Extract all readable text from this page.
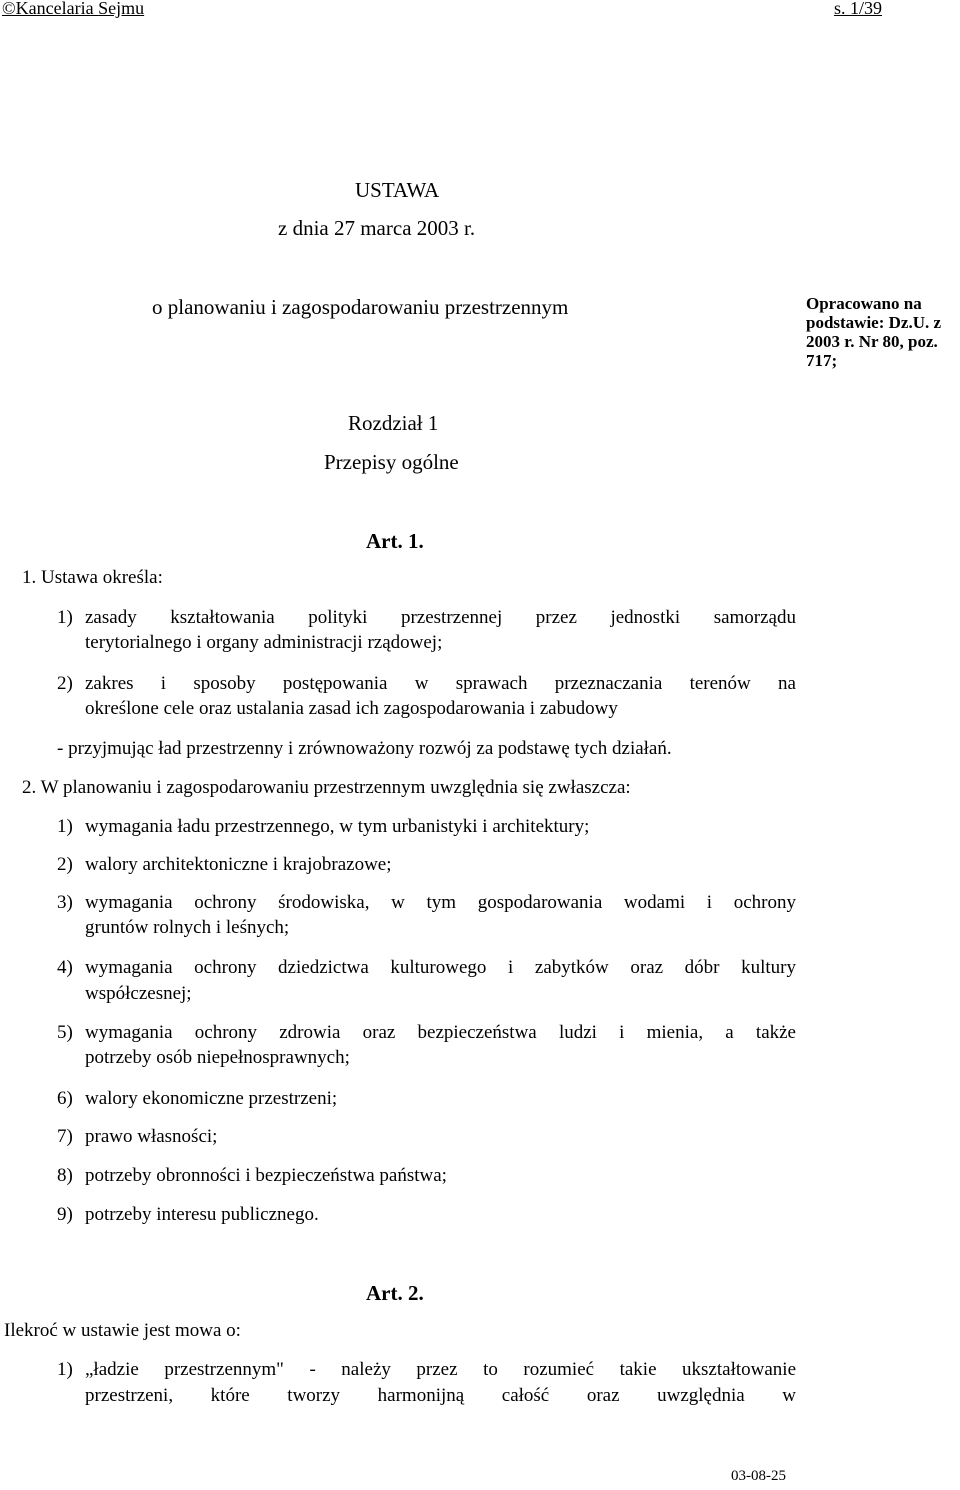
©Kancelaria Sejmu	s. 1/39
USTAWA
z dnia 27 marca 2003 r.
o planowaniu i zagospodarowaniu przestrzennym	Opracowano na
podstawie: Dz.U. z
2003 r. Nr 80, poz.
717;
Rozdział 1
Przepisy ogólne
Art. 1.
1. Ustawa określa:
1) zasady kształtowania polityki przestrzennej przez jednostki samorządu
terytorialnego i organy administracji rządowej;
2) zakres i sposoby postępowania w sprawach przeznaczania terenów na
określone cele oraz ustalania zasad ich zagospodarowania i zabudowy
- przyjmując ład przestrzenny i zrównoważony rozwój za podstawę tych działań.
2. W planowaniu i zagospodarowaniu przestrzennym uwzględnia się zwłaszcza:
1) wymagania ładu przestrzennego, w tym urbanistyki i architektury;
2) walory architektoniczne i krajobrazowe;
3) wymagania ochrony środowiska, w tym gospodarowania wodami i ochrony
gruntów rolnych i leśnych;
4) wymagania ochrony dziedzictwa kulturowego i zabytków oraz dóbr kultury
współczesnej;
5) wymagania ochrony zdrowia oraz bezpieczeństwa ludzi i mienia, a także
potrzeby osób niepełnosprawnych;
6) walory ekonomiczne przestrzeni;
7) prawo własności;
8) potrzeby obronności i bezpieczeństwa państwa;
9) potrzeby interesu publicznego.
Art. 2.
Ilekroć w ustawie jest mowa o:
1) „ładzie przestrzennym" - należy przez to rozumieć takie ukształtowanie
przestrzeni, które tworzy harmonijną całość oraz uwzględnia w
03-08-25
